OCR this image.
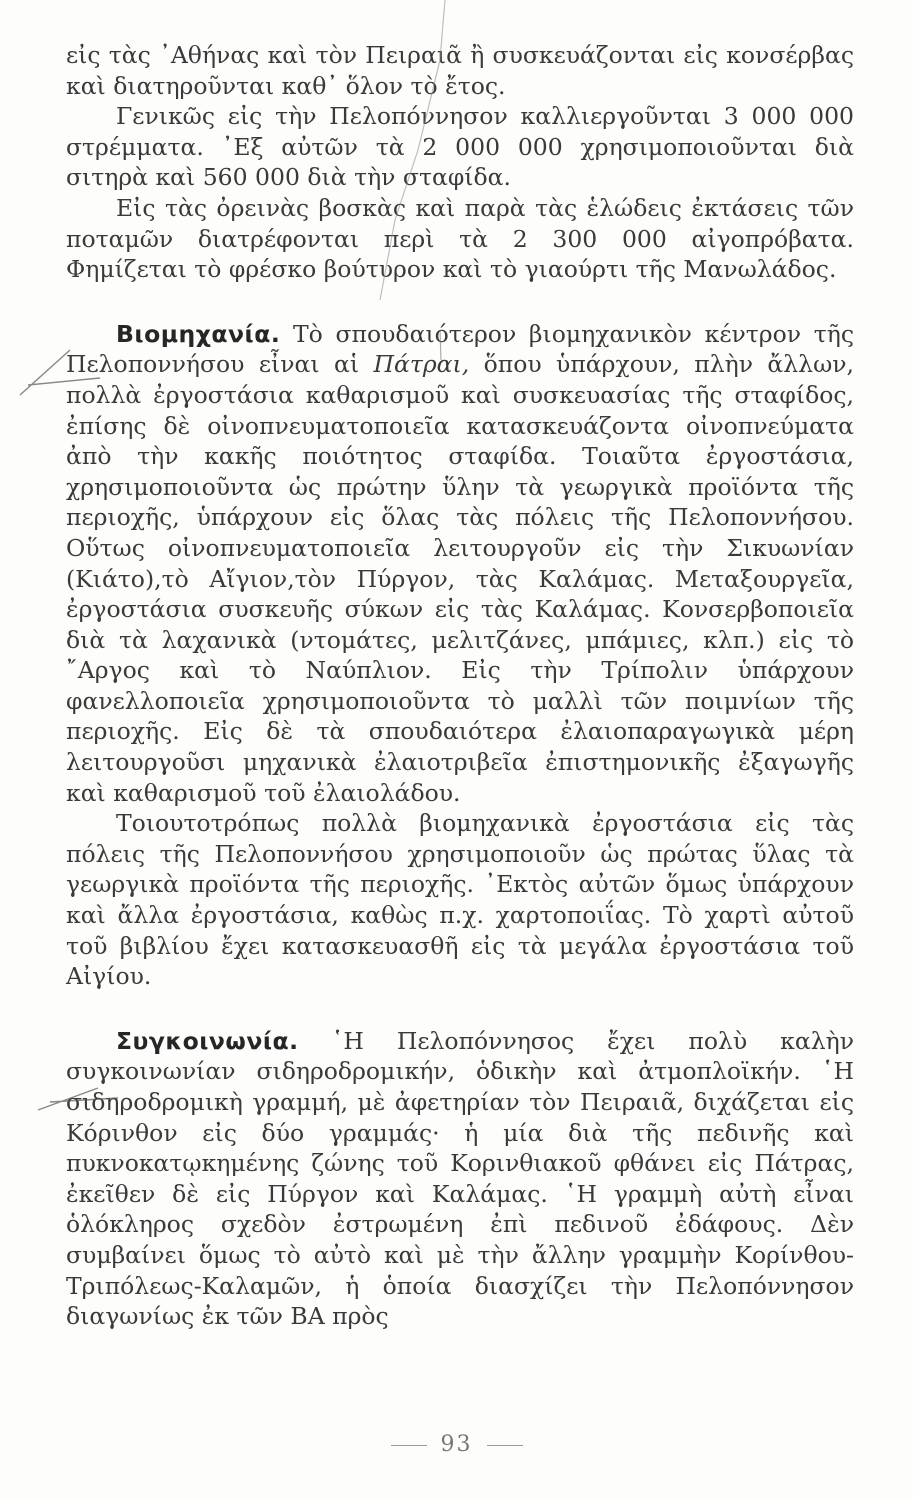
εἰς τὰς ᾿Αθήνας καὶ τὸν Πειραιᾶ ἢ συσκευάζονται εἰς κονσέρβας καὶ διατηροῦνται καθ᾿ ὅλον τὸ ἔτος.

Γενικῶς εἰς τὴν Πελοπόννησον καλλιεργοῦνται 3 000 000 στρέμματα. ᾿Εξ αὐτῶν τὰ 2 000 000 χρησιμοποιοῦνται διὰ σιτηρὰ καὶ 560 000 διὰ τὴν σταφίδα.

Εἰς τὰς ὀρεινὰς βοσκὰς καὶ παρὰ τὰς ἑλώδεις ἐκτάσεις τῶν ποταμῶν διατρέφονται περὶ τὰ 2 300 000 αἰγοπρόβατα. Φημίζεται τὸ φρέσκο βούτυρον καὶ τὸ γιαούρτι τῆς Μανωλάδος.

Βιομηχανία. Τὸ σπουδαιότερον βιομηχανικὸν κέντρον τῆς Πελοποννήσου εἶναι αἱ Πάτραι, ὅπου ὑπάρχουν, πλὴν ἄλλων, πολλὰ ἐργοστάσια καθαρισμοῦ καὶ συσκευασίας τῆς σταφίδος, ἐπίσης δὲ οἰνοπνευματοποιεῖα κατασκευάζοντα οἰνοπνεύματα ἀπὸ τὴν κακῆς ποιότητος σταφίδα. Τοιαῦτα ἐργοστάσια, χρησιμοποιοῦντα ὡς πρώτην ὕλην τὰ γεωργικὰ προϊόντα τῆς περιοχῆς, ὑπάρχουν εἰς ὅλας τὰς πόλεις τῆς Πελοποννήσου. Οὕτως οἰνοπνευματοποιεῖα λειτουργοῦν εἰς τὴν Σικυωνίαν (Κιάτο),τὸ Αἴγιον,τὸν Πύργον, τὰς Καλάμας. Μεταξουργεῖα, ἐργοστάσια συσκευῆς σύκων εἰς τὰς Καλάμας. Κονσερβοποιεῖα διὰ τὰ λαχανικὰ (ντομάτες, μελιτζάνες, μπάμιες, κλπ.) εἰς τὸ ῎Αργος καὶ τὸ Ναύπλιον. Εἰς τὴν Τρίπολιν ὑπάρχουν φανελλοποιεῖα χρησιμοποιοῦντα τὸ μαλλὶ τῶν ποιμνίων τῆς περιοχῆς. Εἰς δὲ τὰ σπουδαιότερα ἐλαιοπαραγωγικὰ μέρη λειτουργοῦσι μηχανικὰ ἐλαιοτριβεῖα ἐπιστημονικῆς ἐξαγωγῆς καὶ καθαρισμοῦ τοῦ ἐλαιολάδου.

Τοιουτοτρόπως πολλὰ βιομηχανικὰ ἐργοστάσια εἰς τὰς πόλεις τῆς Πελοποννήσου χρησιμοποιοῦν ὡς πρώτας ὕλας τὰ γεωργικὰ προϊόντα τῆς περιοχῆς. ᾿Εκτὸς αὐτῶν ὅμως ὑπάρχουν καὶ ἄλλα ἐργοστάσια, καθὼς π.χ. χαρτοποιΐας. Τὸ χαρτὶ αὐτοῦ τοῦ βιβλίου ἔχει κατασκευασθῆ εἰς τὰ μεγάλα ἐργοστάσια τοῦ Αἰγίου.

Συγκοινωνία. ῾Η Πελοπόννησος ἔχει πολὺ καλὴν συγκοινωνίαν σιδηροδρομικήν, ὁδικὴν καὶ ἀτμοπλοϊκήν. ῾Η σιδηροδρομικὴ γραμμή, μὲ ἀφετηρίαν τὸν Πειραιᾶ, διχάζεται εἰς Κόρινθον εἰς δύο γραμμάς· ἡ μία διὰ τῆς πεδινῆς καὶ πυκνοκατῳκημένης ζώνης τοῦ Κορινθιακοῦ φθάνει εἰς Πάτρας, ἐκεῖθεν δὲ εἰς Πύργον καὶ Καλάμας. ῾Η γραμμὴ αὐτὴ εἶναι ὁλόκληρος σχεδὸν ἐστρωμένη ἐπὶ πεδινοῦ ἐδάφους. Δὲν συμβαίνει ὅμως τὸ αὐτὸ καὶ μὲ τὴν ἄλλην γραμμὴν Κορίνθου-Τριπόλεως-Καλαμῶν, ἡ ὁποία διασχίζει τὴν Πελοπόννησον διαγωνίως ἐκ τῶν ΒΑ πρὸς

93
